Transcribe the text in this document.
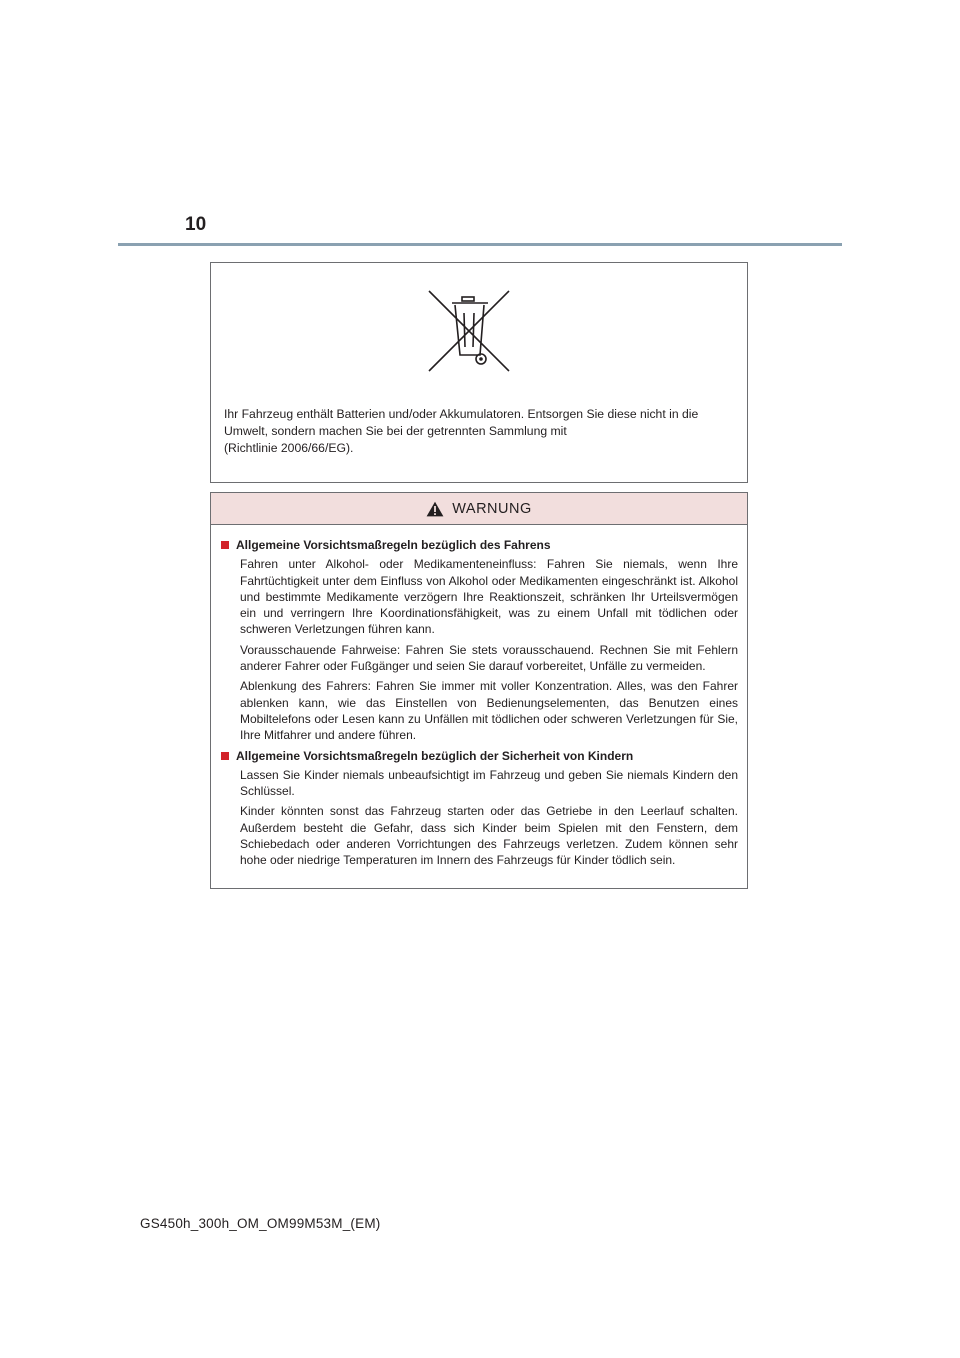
10
Ihr Fahrzeug enthält Batterien und/oder Akkumulatoren. Entsorgen Sie diese nicht in die
Umwelt, sondern machen Sie bei der getrennten Sammlung mit
(Richtlinie 2006/66/EG).
WARNUNG
Allgemeine Vorsichtsmaßregeln bezüglich des Fahrens

Fahren unter Alkohol- oder Medikamenteneinfluss: Fahren Sie niemals, wenn Ihre Fahrtüchtigkeit unter dem Einfluss von Alkohol oder Medikamenten eingeschränkt ist. Alkohol und bestimmte Medikamente verzögern Ihre Reaktionszeit, schränken Ihr Urteilsvermögen ein und verringern Ihre Koordinationsfähigkeit, was zu einem Unfall mit tödlichen oder schweren Verletzungen führen kann.

Vorausschauende Fahrweise: Fahren Sie stets vorausschauend. Rechnen Sie mit Fehlern anderer Fahrer oder Fußgänger und seien Sie darauf vorbereitet, Unfälle zu vermeiden.

Ablenkung des Fahrers: Fahren Sie immer mit voller Konzentration. Alles, was den Fahrer ablenken kann, wie das Einstellen von Bedienungselementen, das Benutzen eines Mobiltelefons oder Lesen kann zu Unfällen mit tödlichen oder schweren Verletzungen für Sie, Ihre Mitfahrer und andere führen.

Allgemeine Vorsichtsmaßregeln bezüglich der Sicherheit von Kindern

Lassen Sie Kinder niemals unbeaufsichtigt im Fahrzeug und geben Sie niemals Kindern den Schlüssel.

Kinder könnten sonst das Fahrzeug starten oder das Getriebe in den Leerlauf schalten. Außerdem besteht die Gefahr, dass sich Kinder beim Spielen mit den Fenstern, dem Schiebedach oder anderen Vorrichtungen des Fahrzeugs verletzen. Zudem können sehr hohe oder niedrige Temperaturen im Innern des Fahrzeugs für Kinder tödlich sein.

GS450h_300h_OM_OM99M53M_(EM)
